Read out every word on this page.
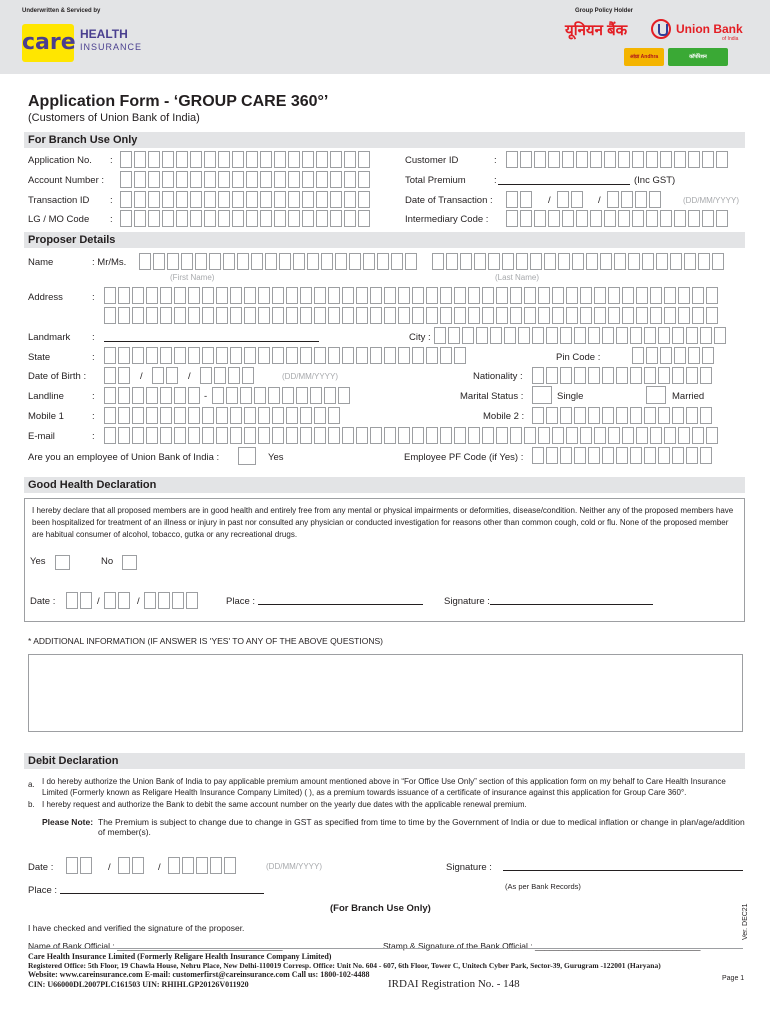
Underwritten & Serviced by	Group Policy Holder
care HEALTH
INSURANCE
यूनियन बैंक	Union Bank
of India
आंध्रा Andhra	कॉर्पोरेशन
Application Form - ‘GROUP CARE 360°’
(Customers of Union Bank of India)
For Branch Use Only
Application No. :	Customer ID	:
Account Number :	Total Premium	:	(Inc GST)
Transaction ID :	Date of Transaction :	/	/	(DD/MM/YYYY)
LG / MO Code :	Intermediary Code :
Proposer Details
Name	: Mr/Ms.
(First Name)	(Last Name)
Address	:
Landmark :	City :
State	:	Pin Code :
Date of Birth :	/	/	(DD/MM/YYYY)	Nationality :
Landline	:	-	Marital Status :	Single	Married
Mobile 1	:	Mobile 2 :
E-mail	:
Are you an employee of Union Bank of India :	Yes	Employee PF Code (if Yes) :
Good Health Declaration
I hereby declare that all proposed members are in good health and entirely free from any mental or physical impairments or deformities, disease/condition. Neither any of the proposed members have been hospitalized for treatment of an illness or injury in past nor consulted any physician or conducted investigation for reasons other than common cough, cold or flu. None of the proposed member are habitual consumer of alcohol, tobacco, gutka or any recreational drugs.
Yes	No
Date :	/	/	Place :	Signature :
* ADDITIONAL INFORMATION (IF ANSWER IS 'YES' TO ANY OF THE ABOVE QUESTIONS)
Debit Declaration

a. I do hereby authorize the Union Bank of India to pay applicable premium amount mentioned above in “For Office Use Only” section of this application form on my behalf to Care Health Insurance Limited (Formerly known as Religare Health Insurance Company Limited) ( ), as a premium towards issuance of a certificate of insurance against this application for Group Care 360°.

b. I hereby request and authorize the Bank to debit the same account number on the yearly due dates with the applicable renewal premium.

Please Note: The Premium is subject to change due to change in GST as specified from time to time by the Government of India or due to medical inflation or change in plan/age/addition of member(s).

Date :	/	/	(DD/MM/YYYY)	Signature :
Place :	(As per Bank Records)
(For Branch Use Only)
I have checked and verified the signature of the proposer.
Name of Bank Official : ___________________________________	Stamp & Signature of the Bank Official : ___________________________________
Ver. DEC21
Care Health Insurance Limited (Formerly Religare Health Insurance Company Limited)
Registered Office: 5th Floor, 19 Chawla House, Nehru Place, New Delhi-110019 Corresp. Office: Unit No. 604 - 607, 6th Floor, Tower C, Unitech Cyber Park, Sector-39, Gurugram -122001 (Haryana)
Website: www.careinsurance.com E-mail: customerfirst@careinsurance.com Call us: 1800-102-4488
CIN: U66000DL2007PLC161503 UIN: RHIHLGP20126V011920	IRDAI Registration No. - 148	Page 1
